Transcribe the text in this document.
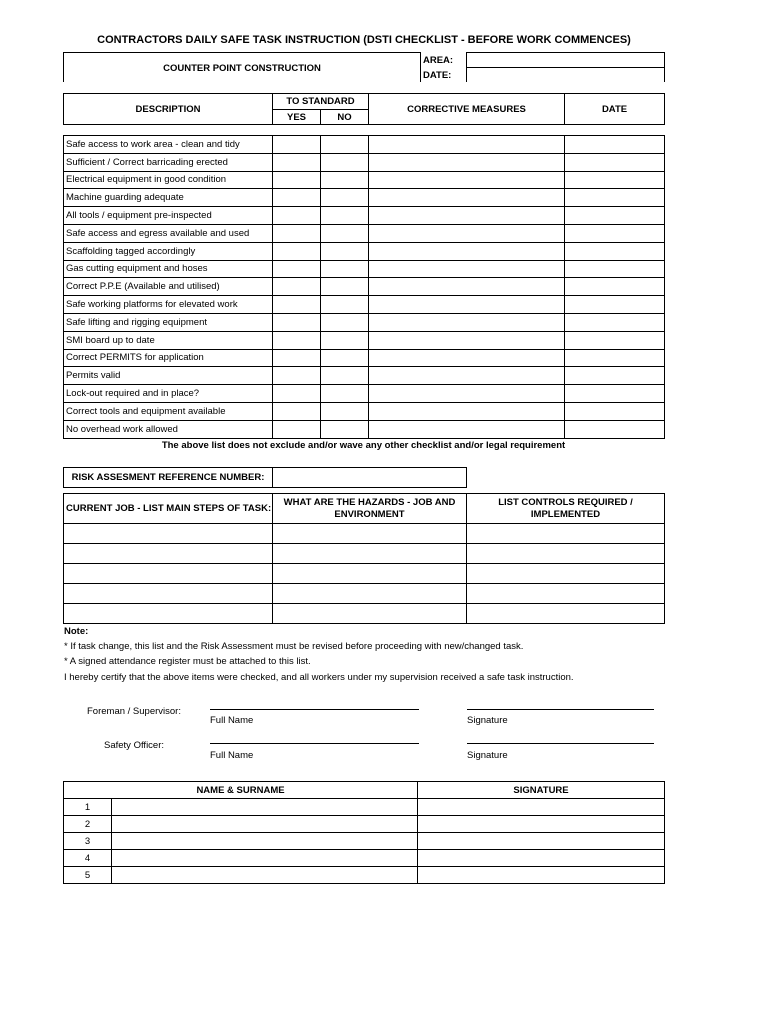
CONTRACTORS DAILY SAFE TASK INSTRUCTION (DSTI CHECKLIST - BEFORE WORK COMMENCES)
COUNTER POINT CONSTRUCTION	AREA:	
	DATE:	
DESCRIPTION	TO STANDARD		CORRECTIVE MEASURES	DATE
	YES	NO		
Safe access to work area - clean and tidy				
Sufficient / Correct barricading erected				
Electrical equipment in good condition				
Machine guarding adequate				
All tools / equipment pre-inspected				
Safe access and egress available and used				
Scaffolding tagged accordingly				
Gas cutting equipment and hoses				
Correct P.P.E (Available and utilised)				
Safe working platforms for elevated work				
Safe lifting and rigging equipment				
SMI board up to date				
Correct PERMITS for application				
Permits valid				
Lock-out required and in place?				
Correct tools and equipment available				
No overhead work allowed				
The above list does not exclude and/or wave any other checklist and/or legal requirement
RISK ASSESMENT REFERENCE NUMBER:	
CURRENT JOB - LIST MAIN STEPS OF TASK:	WHAT ARE THE HAZARDS - JOB AND ENVIRONMENT	LIST CONTROLS REQUIRED / IMPLEMENTED

Note:
* If task change, this list and the Risk Assessment must be revised before proceeding with new/changed task.
* A signed attendance register must be attached to this list.
I hereby certify that the above items were checked, and all workers under my supervision received a safe task instruction.
Foreman / Supervisor:
Full Name	Signature
Safety Officer:
Full Name	Signature
NAME & SURNAME		SIGNATURE
1		
2		
3		
4		
5		
